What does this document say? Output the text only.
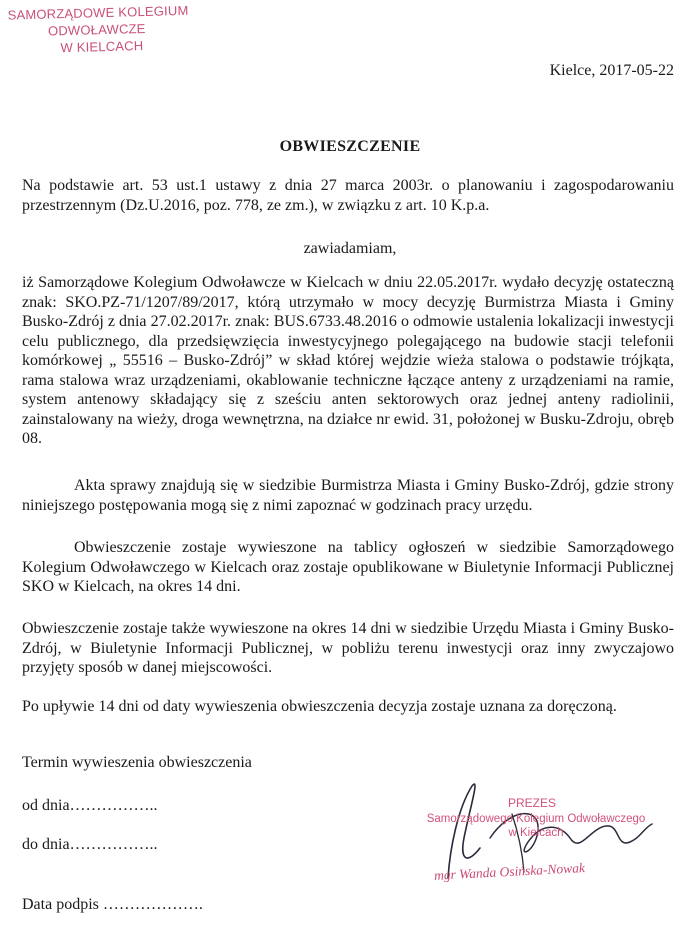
SAMORZĄDOWE KOLEGIUM
ODWOŁAWCZE
W KIELCACH
Kielce, 2017-05-22
OBWIESZCZENIE

Na podstawie art. 53 ust.1 ustawy z dnia 27 marca 2003r. o planowaniu i zagospodarowaniu przestrzennym (Dz.U.2016, poz. 778, ze zm.), w związku z art. 10 K.p.a.

zawiadamiam,

iż Samorządowe Kolegium Odwoławcze w Kielcach w dniu 22.05.2017r. wydało decyzję ostateczną znak: SKO.PZ-71/1207/89/2017, którą utrzymało w mocy decyzję Burmistrza Miasta i Gminy Busko-Zdrój z dnia 27.02.2017r. znak: BUS.6733.48.2016 o odmowie ustalenia lokalizacji inwestycji celu publicznego, dla przedsięwzięcia inwestycyjnego polegającego na budowie stacji telefonii komórkowej „ 55516 – Busko-Zdrój” w skład której wejdzie wieża stalowa o podstawie trójkąta, rama stalowa wraz urządzeniami, okablowanie techniczne łączące anteny z urządzeniami na ramie, system antenowy składający się z sześciu anten sektorowych oraz jednej anteny radiolinii, zainstalowany na wieży, droga wewnętrzna, na działce nr ewid. 31, położonej w Busku-Zdroju, obręb 08.

Akta sprawy znajdują się w siedzibie Burmistrza Miasta i Gminy Busko-Zdrój, gdzie strony niniejszego postępowania mogą się z nimi zapoznać w godzinach pracy urzędu.

Obwieszczenie zostaje wywieszone na tablicy ogłoszeń w siedzibie Samorządowego Kolegium Odwoławczego w Kielcach oraz zostaje opublikowane w Biuletynie Informacji Publicznej SKO w Kielcach, na okres 14 dni.

Obwieszczenie zostaje także wywieszone na okres 14 dni w siedzibie Urzędu Miasta i Gminy Busko-Zdrój, w Biuletynie Informacji Publicznej, w pobliżu terenu inwestycji oraz inny zwyczajowo przyjęty sposób w danej miejscowości.

Po upływie 14 dni od daty wywieszenia obwieszczenia decyzja zostaje uznana za doręczoną.

Termin wywieszenia obwieszczenia

od dnia……………..

do dnia……………..

Data podpis ……………….

PREZES
Samorządowego Kolegium Odwoławczego w Kielcach
mgr Wanda Osińska-Nowak
